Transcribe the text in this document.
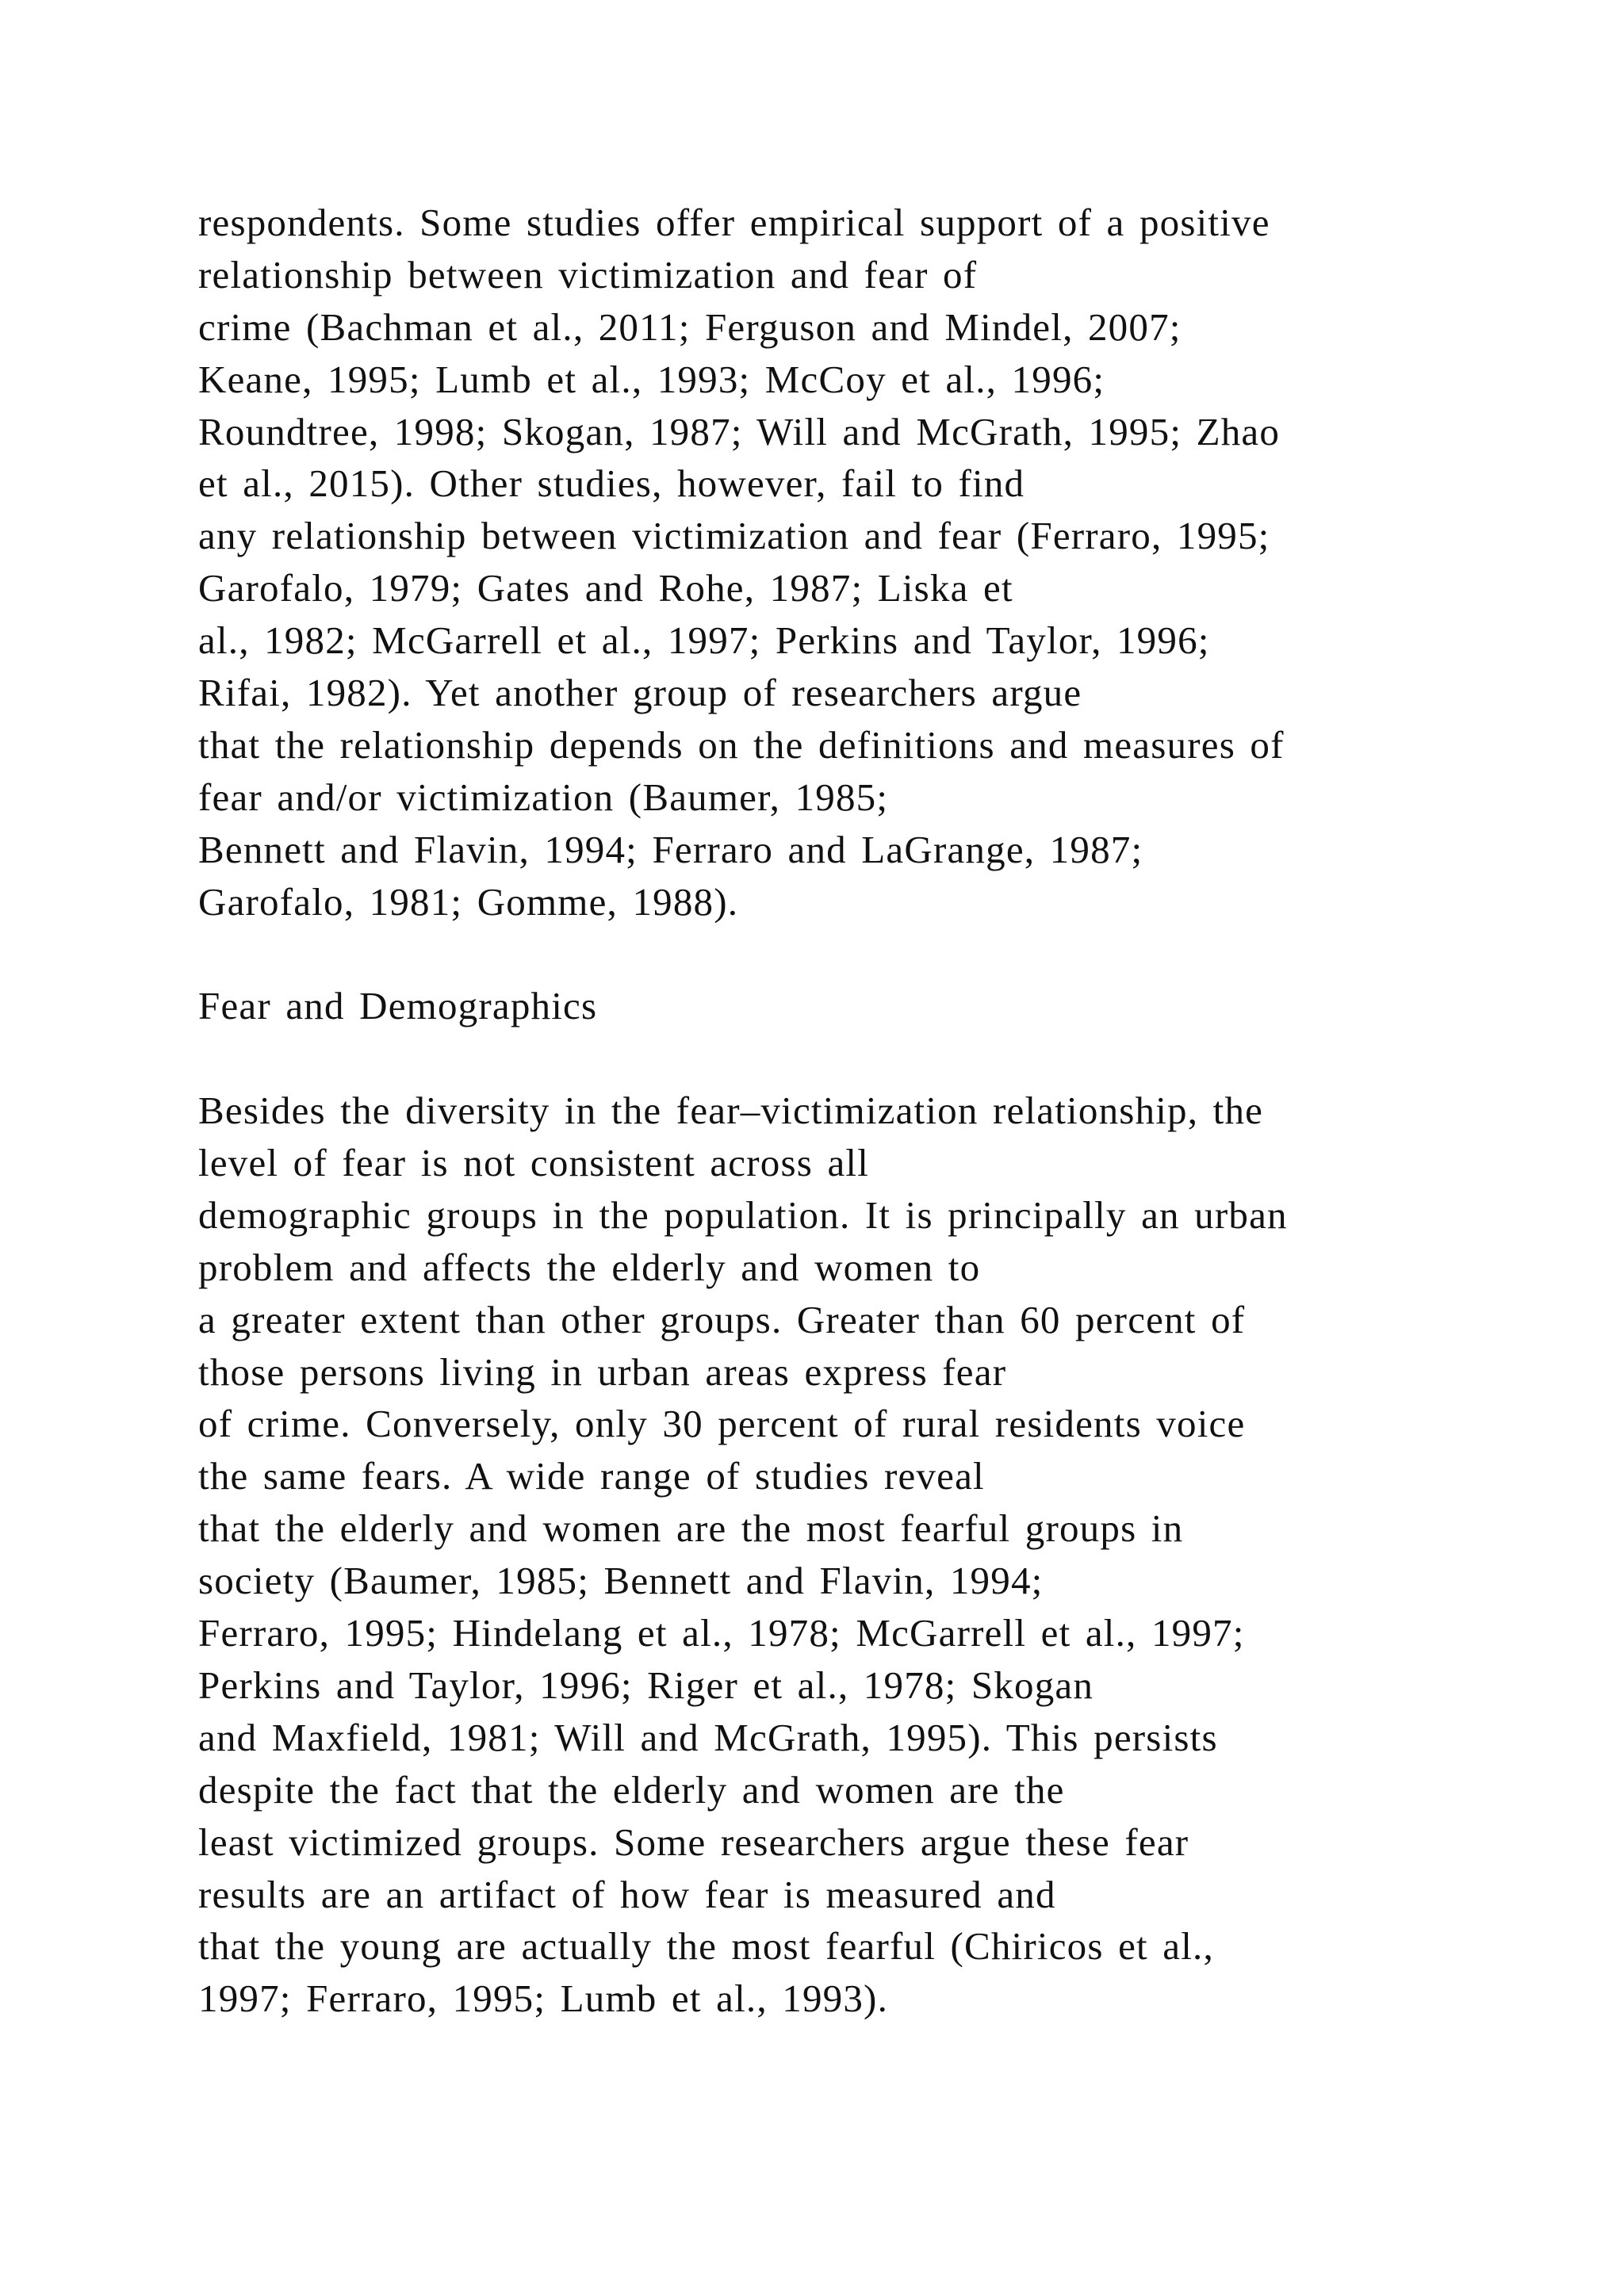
respondents. Some studies offer empirical support of a positive
relationship between victimization and fear of
crime (Bachman et al., 2011; Ferguson and Mindel, 2007;
Keane, 1995; Lumb et al., 1993; McCoy et al., 1996;
Roundtree, 1998; Skogan, 1987; Will and McGrath, 1995; Zhao
et al., 2015). Other studies, however, fail to find
any relationship between victimization and fear (Ferraro, 1995;
Garofalo, 1979; Gates and Rohe, 1987; Liska et
al., 1982; McGarrell et al., 1997; Perkins and Taylor, 1996;
Rifai, 1982). Yet another group of researchers argue
that the relationship depends on the definitions and measures of
fear and/or victimization (Baumer, 1985;
Bennett and Flavin, 1994; Ferraro and LaGrange, 1987;
Garofalo, 1981; Gomme, 1988).
Fear and Demographics
Besides the diversity in the fear–victimization relationship, the
level of fear is not consistent across all
demographic groups in the population. It is principally an urban
problem and affects the elderly and women to
a greater extent than other groups. Greater than 60 percent of
those persons living in urban areas express fear
of crime. Conversely, only 30 percent of rural residents voice
the same fears. A wide range of studies reveal
that the elderly and women are the most fearful groups in
society (Baumer, 1985; Bennett and Flavin, 1994;
Ferraro, 1995; Hindelang et al., 1978; McGarrell et al., 1997;
Perkins and Taylor, 1996; Riger et al., 1978; Skogan
and Maxfield, 1981; Will and McGrath, 1995). This persists
despite the fact that the elderly and women are the
least victimized groups. Some researchers argue these fear
results are an artifact of how fear is measured and
that the young are actually the most fearful (Chiricos et al.,
1997; Ferraro, 1995; Lumb et al., 1993).
